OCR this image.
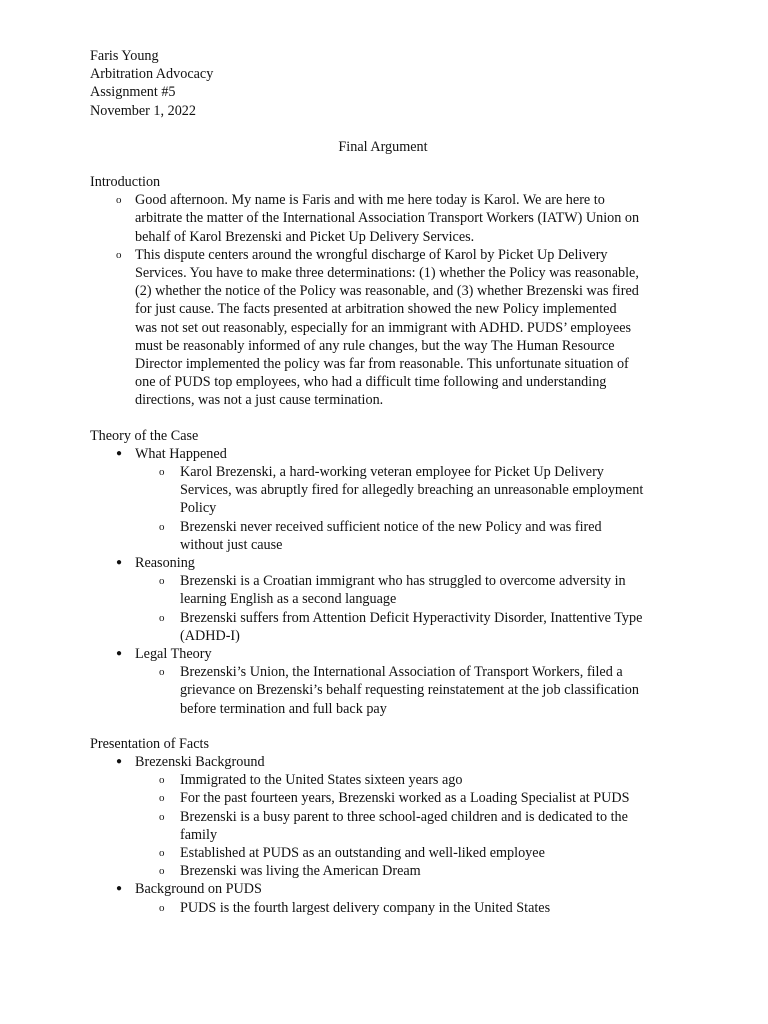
Faris Young
Arbitration Advocacy
Assignment #5
November 1, 2022
Final Argument
Introduction
o Good afternoon. My name is Faris and with me here today is Karol. We are here to
arbitrate the matter of the International Association Transport Workers (IATW) Union on
behalf of Karol Brezenski and Picket Up Delivery Services.
o This dispute centers around the wrongful discharge of Karol by Picket Up Delivery
Services. You have to make three determinations: (1) whether the Policy was reasonable,
(2) whether the notice of the Policy was reasonable, and (3) whether Brezenski was fired
for just cause. The facts presented at arbitration showed the new Policy implemented
was not set out reasonably, especially for an immigrant with ADHD. PUDS’ employees
must be reasonably informed of any rule changes, but the way The Human Resource
Director implemented the policy was far from reasonable. This unfortunate situation of
one of PUDS top employees, who had a difficult time following and understanding
directions, was not a just cause termination.
Theory of the Case
● What Happened
o Karol Brezenski, a hard-working veteran employee for Picket Up Delivery
Services, was abruptly fired for allegedly breaching an unreasonable employment
Policy
o Brezenski never received sufficient notice of the new Policy and was fired
without just cause
● Reasoning
o Brezenski is a Croatian immigrant who has struggled to overcome adversity in
learning English as a second language
o Brezenski suffers from Attention Deficit Hyperactivity Disorder, Inattentive Type
(ADHD-I)
● Legal Theory
o Brezenski’s Union, the International Association of Transport Workers, filed a
grievance on Brezenski’s behalf requesting reinstatement at the job classification
before termination and full back pay
Presentation of Facts
● Brezenski Background
o Immigrated to the United States sixteen years ago
o For the past fourteen years, Brezenski worked as a Loading Specialist at PUDS
o Brezenski is a busy parent to three school-aged children and is dedicated to the
family
o Established at PUDS as an outstanding and well-liked employee
o Brezenski was living the American Dream
● Background on PUDS
o PUDS is the fourth largest delivery company in the United States
